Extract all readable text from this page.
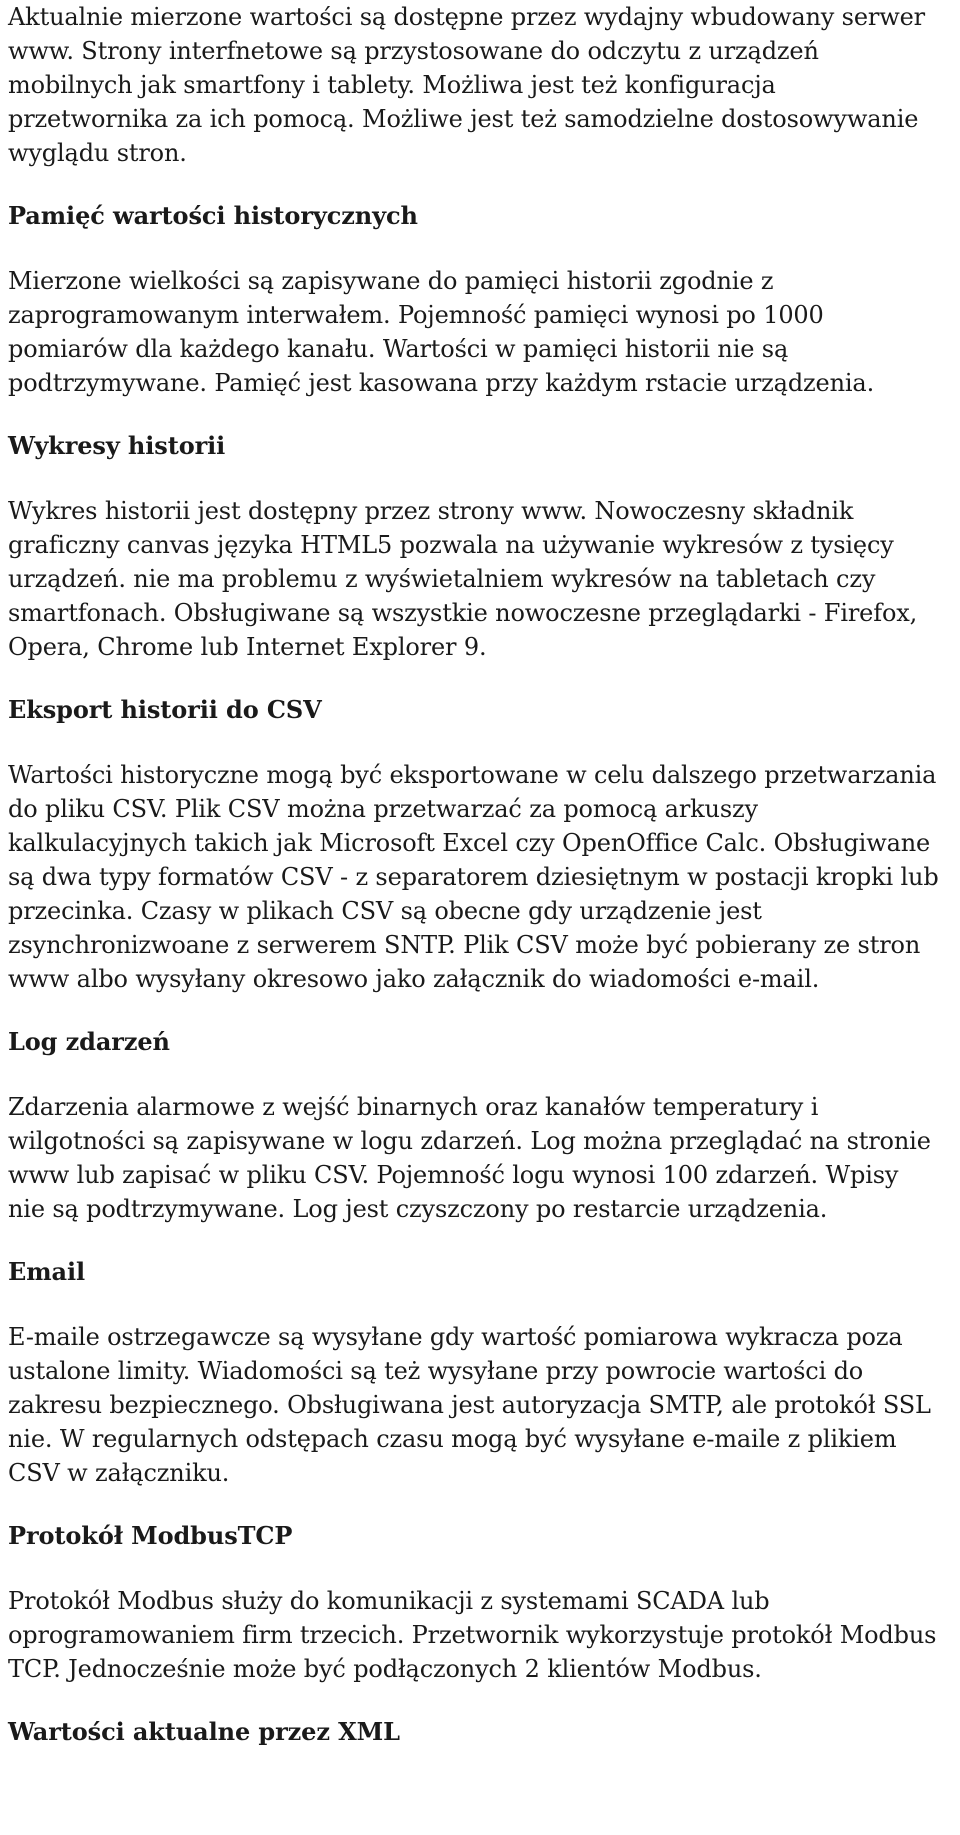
Aktualnie mierzone wartości są dostępne przez wydajny wbudowany serwer www. Strony interfnetowe są przystosowane do odczytu z urządzeń mobilnych jak smartfony i tablety. Możliwa jest też konfiguracja przetwornika za ich pomocą. Możliwe jest też samodzielne dostosowywanie wyglądu stron.

Pamięć wartości historycznych

Mierzone wielkości są zapisywane do pamięci historii zgodnie z zaprogramowanym interwałem. Pojemność pamięci wynosi po 1000 pomiarów dla każdego kanału. Wartości w pamięci historii nie są podtrzymywane. Pamięć jest kasowana przy każdym rstacie urządzenia.

Wykresy historii

Wykres historii jest dostępny przez strony www. Nowoczesny składnik graficzny canvas języka HTML5 pozwala na używanie wykresów z tysięcy urządzeń. nie ma problemu z wyświetalniem wykresów na tabletach czy smartfonach. Obsługiwane są wszystkie nowoczesne przeglądarki - Firefox, Opera, Chrome lub Internet Explorer 9.

Eksport historii do CSV

Wartości historyczne mogą być eksportowane w celu dalszego przetwarzania do pliku CSV. Plik CSV można przetwarzać za pomocą arkuszy kalkulacyjnych takich jak Microsoft Excel czy OpenOffice Calc. Obsługiwane są dwa typy formatów CSV - z separatorem dziesiętnym w postacji kropki lub przecinka. Czasy w plikach CSV są obecne gdy urządzenie jest zsynchronizwoane z serwerem SNTP. Plik CSV może być pobierany ze stron www albo wysyłany okresowo jako załącznik do wiadomości e-mail.

Log zdarzeń

Zdarzenia alarmowe z wejść binarnych oraz kanałów temperatury i wilgotności są zapisywane w logu zdarzeń. Log można przeglądać na stronie www lub zapisać w pliku CSV. Pojemność logu wynosi 100 zdarzeń. Wpisy nie są podtrzymywane. Log jest czyszczony po restarcie urządzenia.

Email

E-maile ostrzegawcze są wysyłane gdy wartość pomiarowa wykracza poza ustalone limity. Wiadomości są też wysyłane przy powrocie wartości do zakresu bezpiecznego. Obsługiwana jest autoryzacja SMTP, ale protokół SSL nie. W regularnych odstępach czasu mogą być wysyłane e-maile z plikiem CSV w załączniku.

Protokół ModbusTCP

Protokół Modbus służy do komunikacji z systemami SCADA lub oprogramowaniem firm trzecich. Przetwornik wykorzystuje protokół Modbus TCP. Jednocześnie może być podłączonych 2 klientów Modbus.

Wartości aktualne przez XML
